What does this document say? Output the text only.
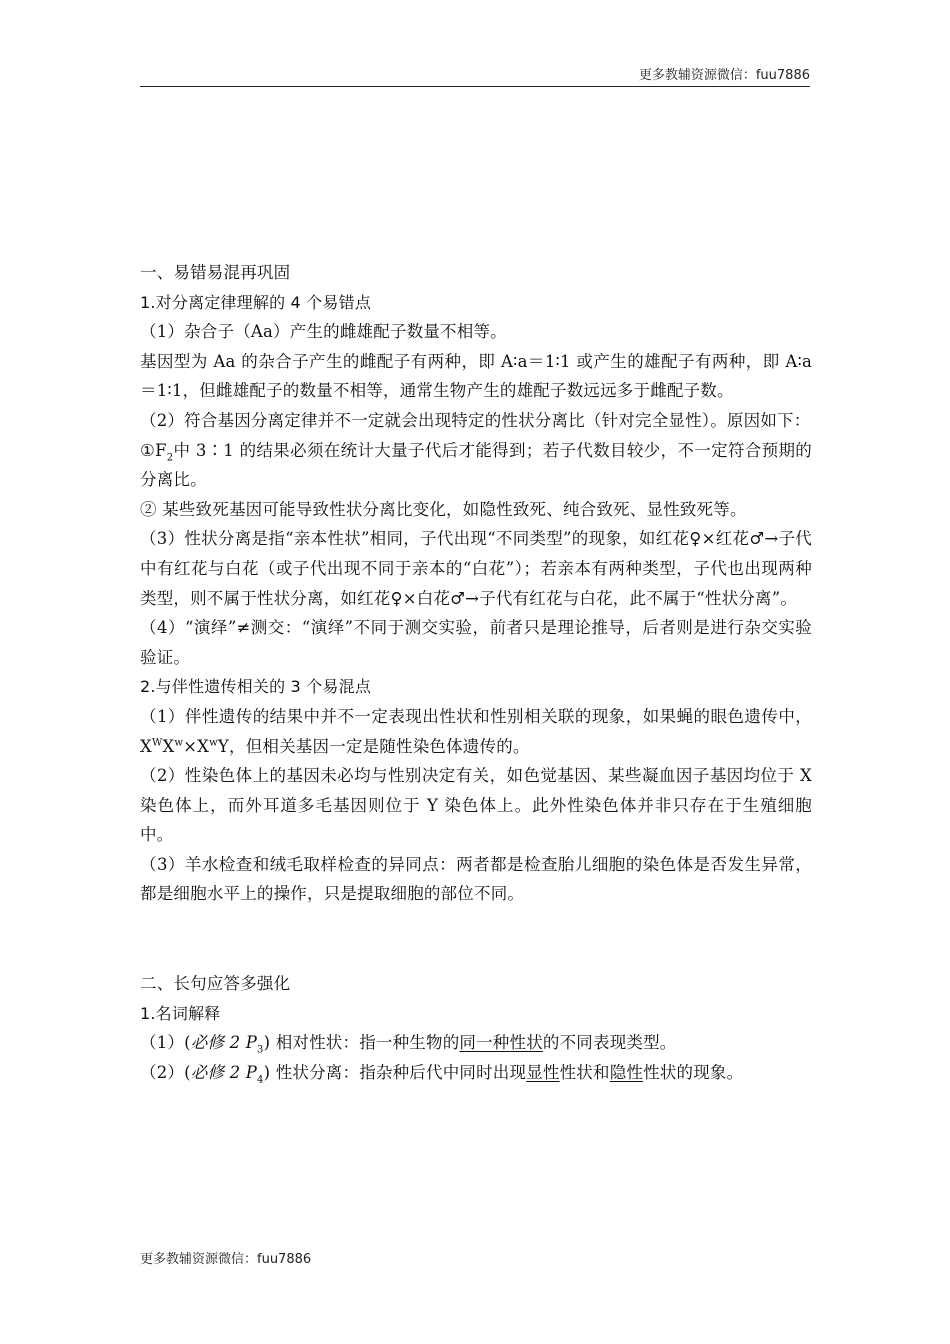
更多教辅资源微信：fuu7886

一、易错易混再巩固

1.对分离定律理解的 4 个易错点

（1）杂合子（Aa）产生的雌雄配子数量不相等。

基因型为 Aa 的杂合子产生的雌配子有两种，即 A∶a＝1∶1 或产生的雄配子有两种，即 A∶a＝1∶1，但雌雄配子的数量不相等，通常生物产生的雄配子数远远多于雌配子数。

（2）符合基因分离定律并不一定就会出现特定的性状分离比（针对完全显性）。原因如下：

$①F_2$中 3∶1 的结果必须在统计大量子代后才能得到；若子代数目较少，不一定符合预期的分离比。

② 某些致死基因可能导致性状分离比变化，如隐性致死、纯合致死、显性致死等。

（3）性状分离是指“亲本性状”相同，子代出现“不同类型”的现象，如红花♀×红花♂→子代中有红花与白花（或子代出现不同于亲本的“白花”）；若亲本有两种类型，子代也出现两种类型，则不属于性状分离，如红花♀×白花♂→子代有红花与白花，此不属于“性状分离”。

（4）“演绎”≠测交：“演绎”不同于测交实验，前者只是理论推导，后者则是进行杂交实验验证。

2.与伴性遗传相关的 3 个易混点

（1）伴性遗传的结果中并不一定表现出性状和性别相关联的现象，如果蝇的眼色遗传中，$X^WX^w\times X^wY$，但相关基因一定是随性染色体遗传的。

（2）性染色体上的基因未必均与性别决定有关，如色觉基因、某些凝血因子基因均位于 X 染色体上，而外耳道多毛基因则位于 Y 染色体上。此外性染色体并非只存在于生殖细胞中。

（3）羊水检查和绒毛取样检查的异同点：两者都是检查胎儿细胞的染色体是否发生异常，都是细胞水平上的操作，只是提取细胞的部位不同。

二、长句应答多强化

1.名词解释

（1）(必修 2 $P_3$) 相对性状：指一种生物的同一种性状的不同表现类型。

（2）(必修 2 $P_4$) 性状分离：指杂种后代中同时出现显性性状和隐性性状的现象。

更多教辅资源微信：fuu7886
